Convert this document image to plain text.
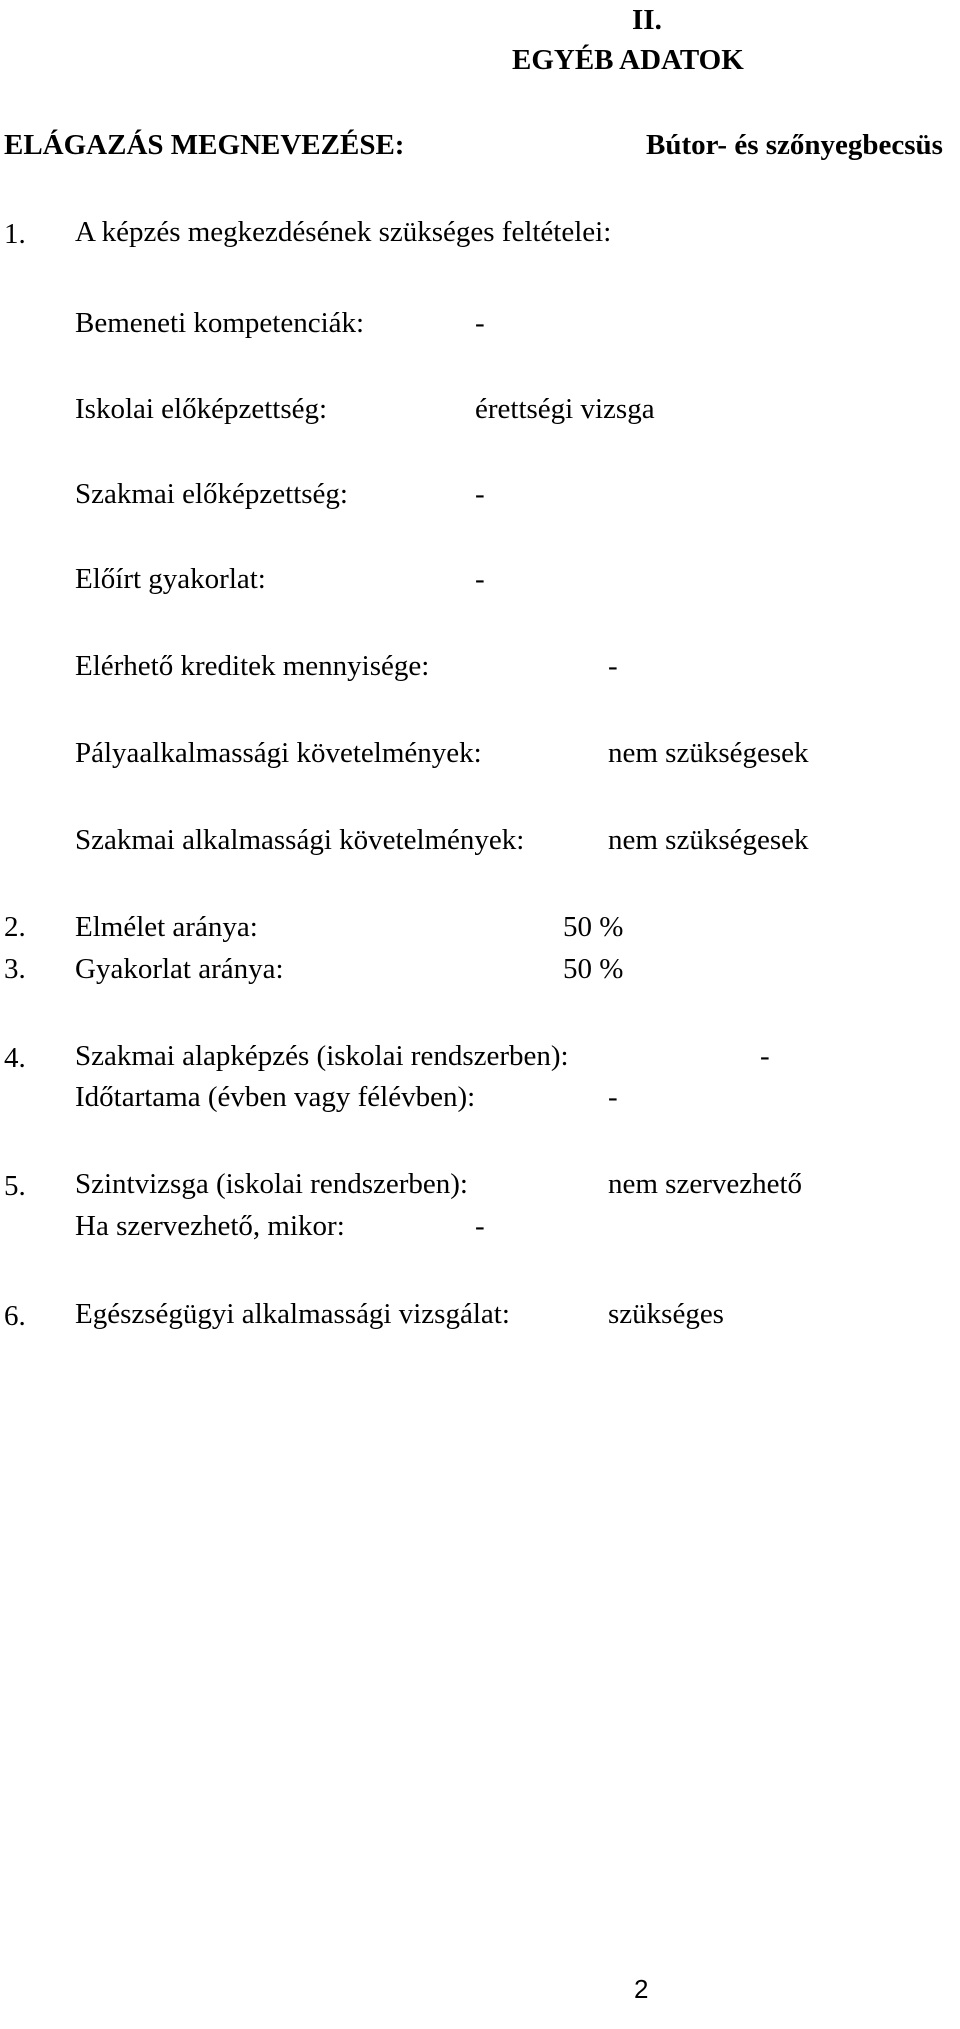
II.
EGYÉB ADATOK
ELÁGAZÁS MEGNEVEZÉSE:	Bútor- és szőnyegbecsüs
1. A képzés megkezdésének szükséges feltételei:
Bemeneti kompetenciák:	-
Iskolai előképzettség:	érettségi vizsga
Szakmai előképzettség:	-
Előírt gyakorlat:	-
Elérhető kreditek mennyisége:	-
Pályaalkalmassági követelmények:	nem szükségesek
Szakmai alkalmassági követelmények:	nem szükségesek
2. Elmélet aránya:	50 %
3. Gyakorlat aránya:	50 %
4. Szakmai alapképzés (iskolai rendszerben):	-
Időtartama (évben vagy félévben):	-
5. Szintvizsga (iskolai rendszerben):	nem szervezhető
Ha szervezhető, mikor:	-
6. Egészségügyi alkalmassági vizsgálat:	szükséges
2
